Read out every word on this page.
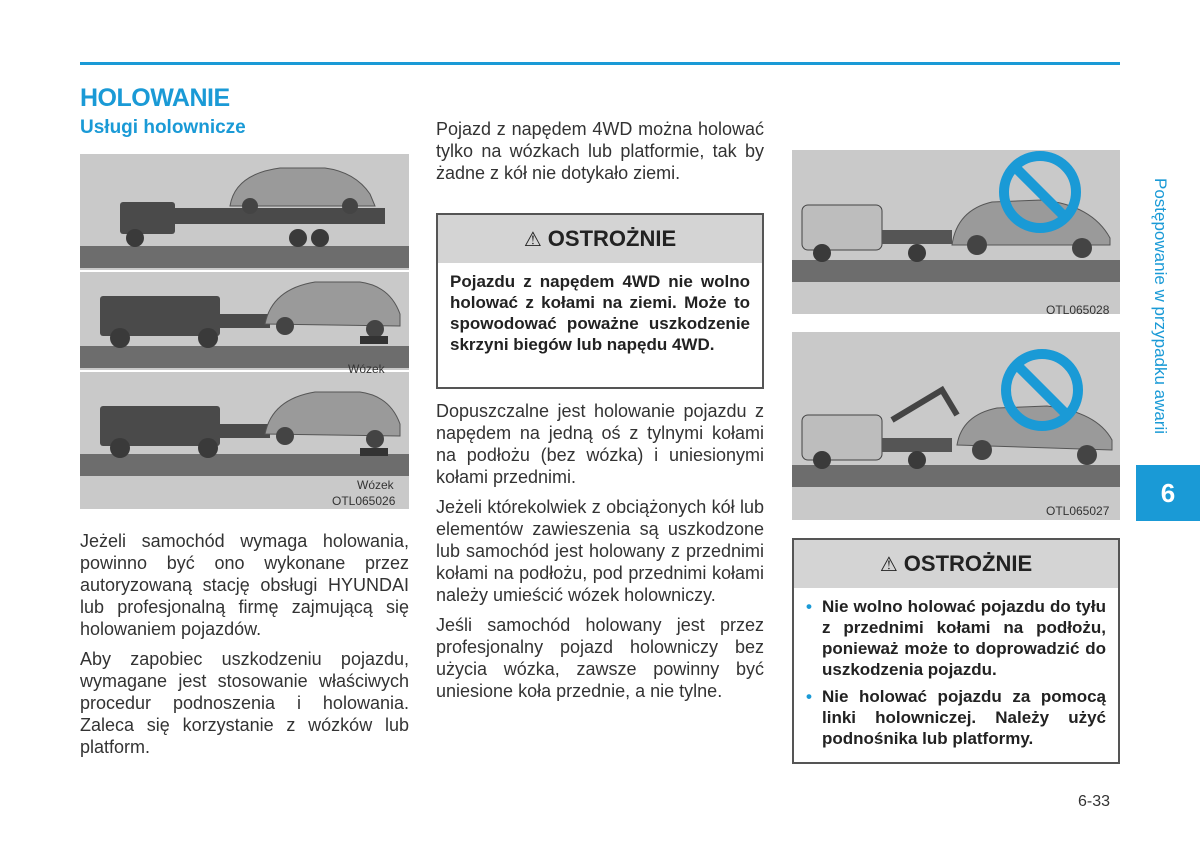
HOLOWANIE
Usługi holownicze
Wózek
Wózek
OTL065026

Jeżeli samochód wymaga holowania, powinno być ono wykonane przez autoryzowaną stację obsługi HYUNDAI lub profesjonalną firmę zajmującą się holowaniem pojazdów.

Aby zapobiec uszkodzeniu pojazdu, wymagane jest stosowanie właściwych procedur podnoszenia i holowania. Zaleca się korzystanie z wózków lub platform.

Pojazd z napędem 4WD można holować tylko na wózkach lub platformie, tak by żadne z kół nie dotykało ziemi.

⚠ OSTROŻNIE
Pojazdu z napędem 4WD nie wolno holować z kołami na ziemi. Może to spowodować poważne uszkodzenie skrzyni biegów lub napędu 4WD.

Dopuszczalne jest holowanie pojazdu z napędem na jedną oś z tylnymi kołami na podłożu (bez wózka) i uniesionymi kołami przednimi.

Jeżeli którekolwiek z obciążonych kół lub elementów zawieszenia są uszkodzone lub samochód jest holowany z przednimi kołami na podłożu, pod przednimi kołami należy umieścić wózek holowniczy.

Jeśli samochód holowany jest przez profesjonalny pojazd holowniczy bez użycia wózka, zawsze powinny być uniesione koła przednie, a nie tylne.

OTL065028
OTL065027
⚠ OSTROŻNIE
• Nie wolno holować pojazdu do tyłu z przednimi kołami na podłożu, ponieważ może to doprowadzić do uszkodzenia pojazdu.
• Nie holować pojazdu za pomocą linki holowniczej. Należy użyć podnośnika lub platformy.
Postępowanie w przypadku awarii
6
6-33
